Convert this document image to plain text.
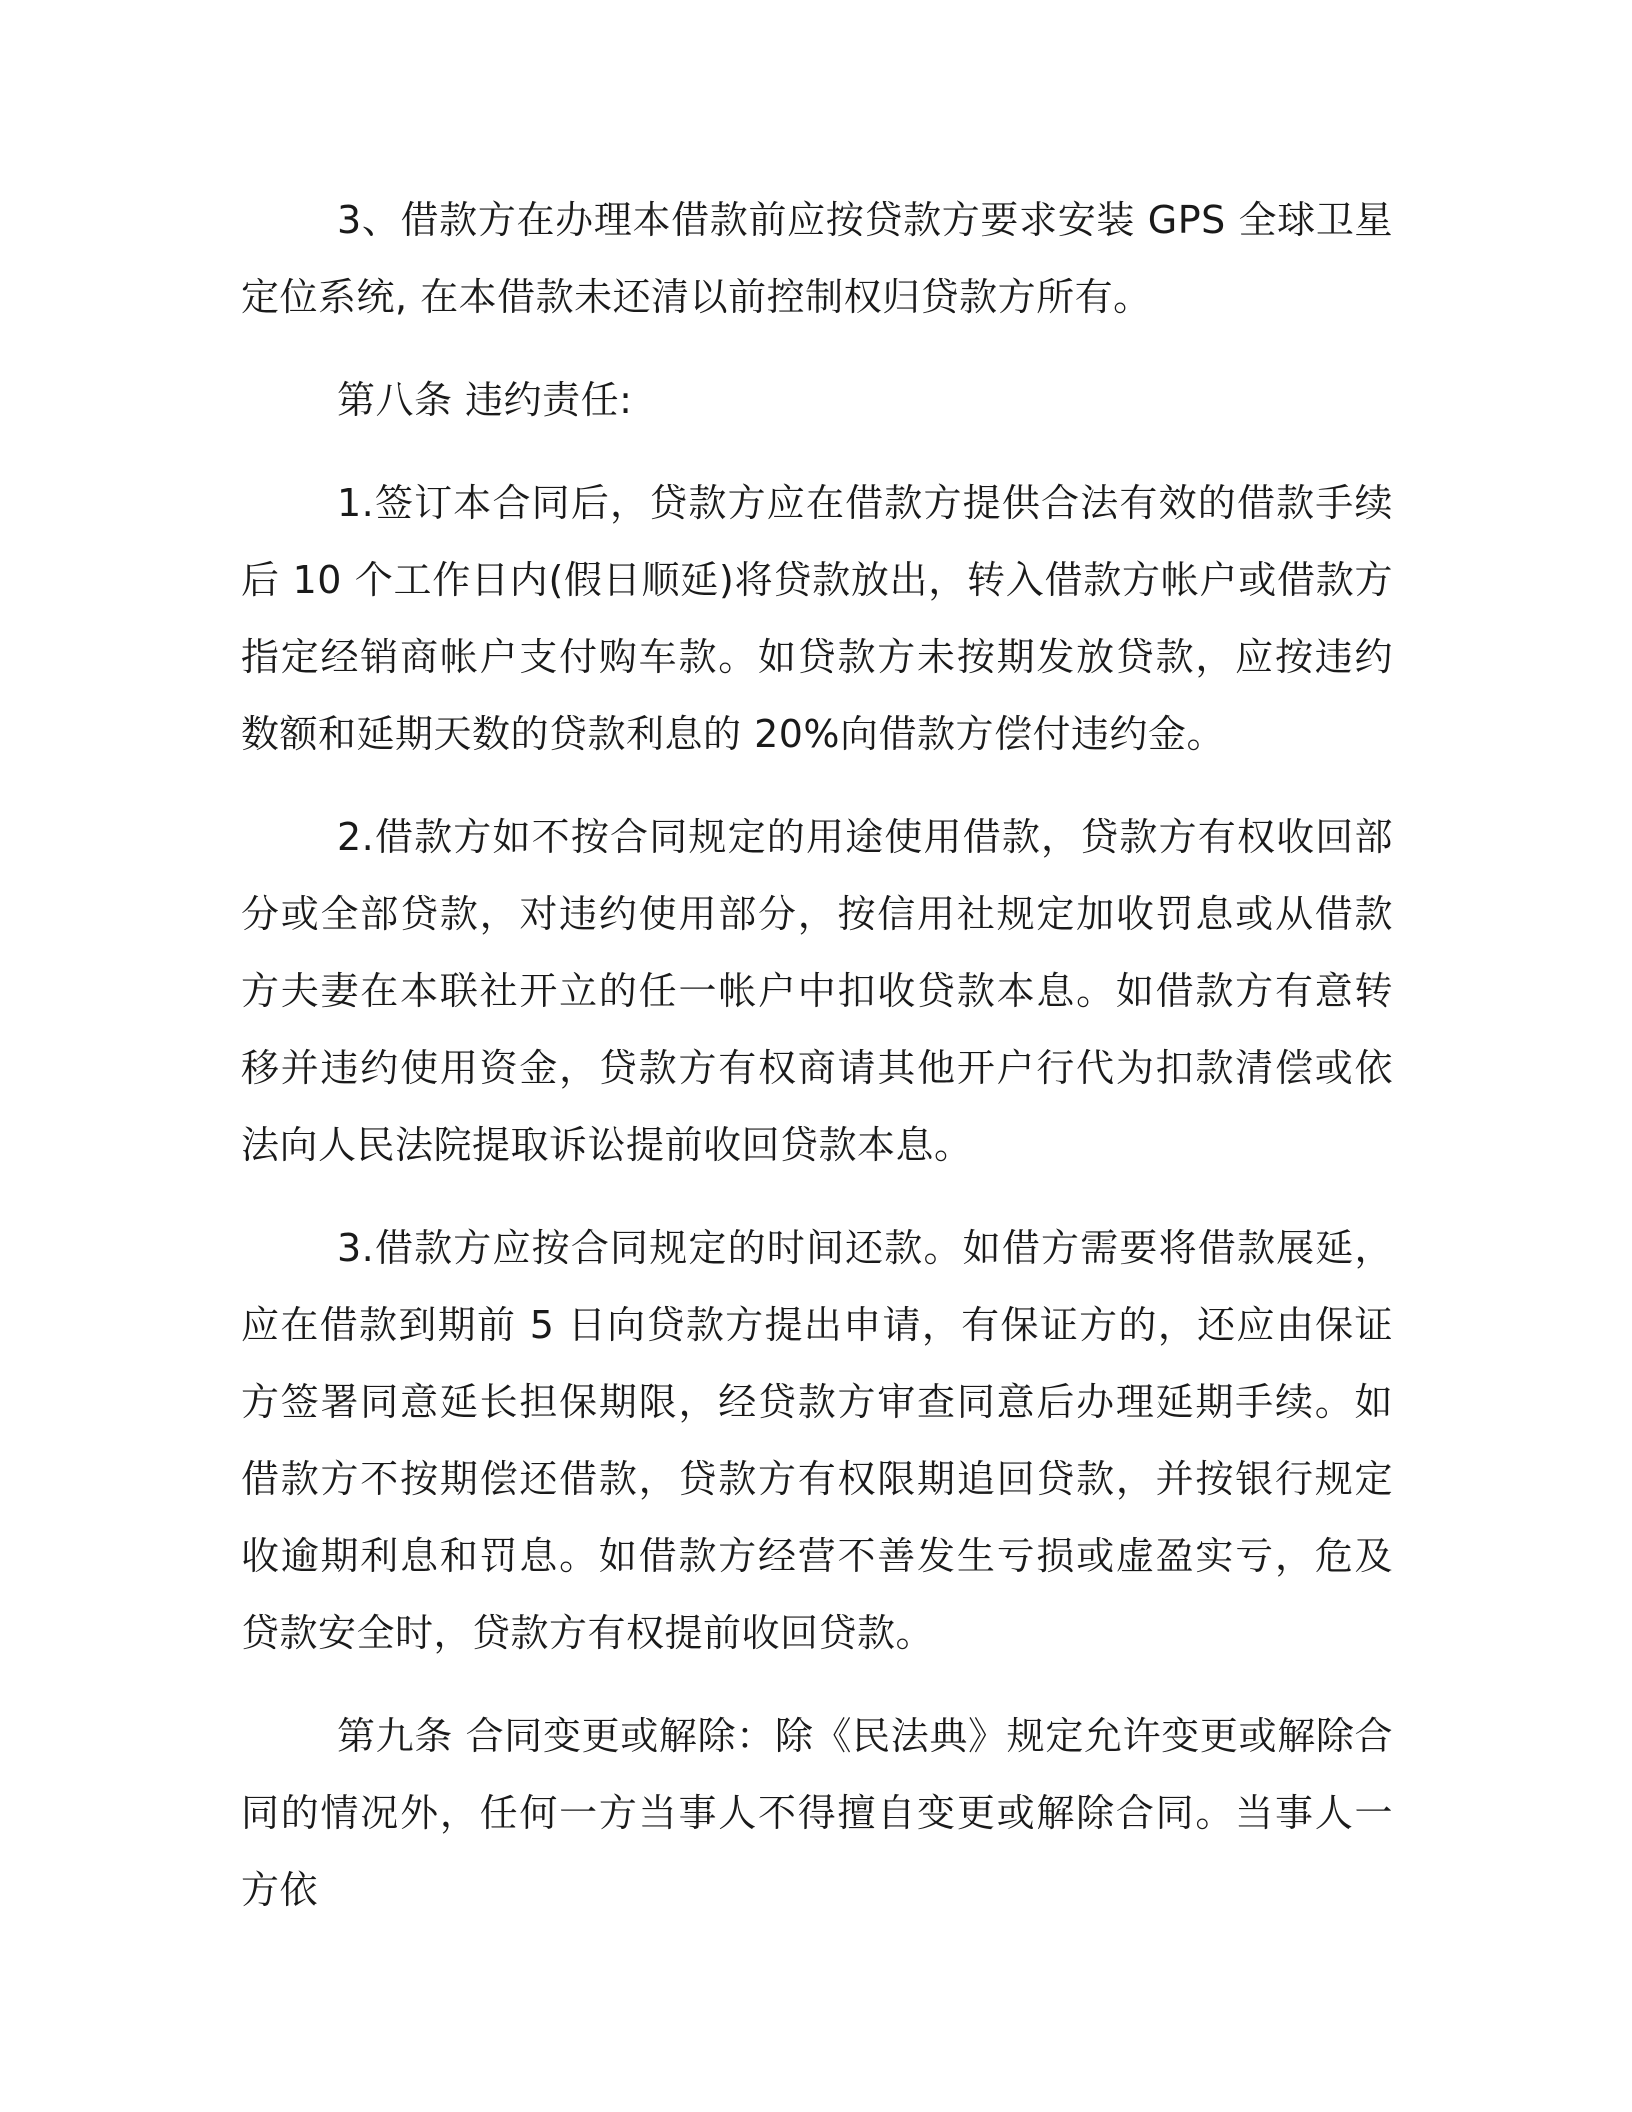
3、借款方在办理本借款前应按贷款方要求安装 GPS 全球卫星定位系统, 在本借款未还清以前控制权归贷款方所有。

第八条 违约责任:

1.签订本合同后，贷款方应在借款方提供合法有效的借款手续后 10 个工作日内(假日顺延)将贷款放出，转入借款方帐户或借款方指定经销商帐户支付购车款。如贷款方未按期发放贷款，应按违约数额和延期天数的贷款利息的 20%向借款方偿付违约金。

2.借款方如不按合同规定的用途使用借款，贷款方有权收回部分或全部贷款，对违约使用部分，按信用社规定加收罚息或从借款方夫妻在本联社开立的任一帐户中扣收贷款本息。如借款方有意转移并违约使用资金，贷款方有权商请其他开户行代为扣款清偿或依法向人民法院提取诉讼提前收回贷款本息。

3.借款方应按合同规定的时间还款。如借方需要将借款展延，应在借款到期前 5 日向贷款方提出申请，有保证方的，还应由保证方签署同意延长担保期限，经贷款方审查同意后办理延期手续。如借款方不按期偿还借款，贷款方有权限期追回贷款，并按银行规定收逾期利息和罚息。如借款方经营不善发生亏损或虚盈实亏，危及贷款安全时，贷款方有权提前收回贷款。

第九条 合同变更或解除：除《民法典》规定允许变更或解除合同的情况外，任何一方当事人不得擅自变更或解除合同。当事人一方依
